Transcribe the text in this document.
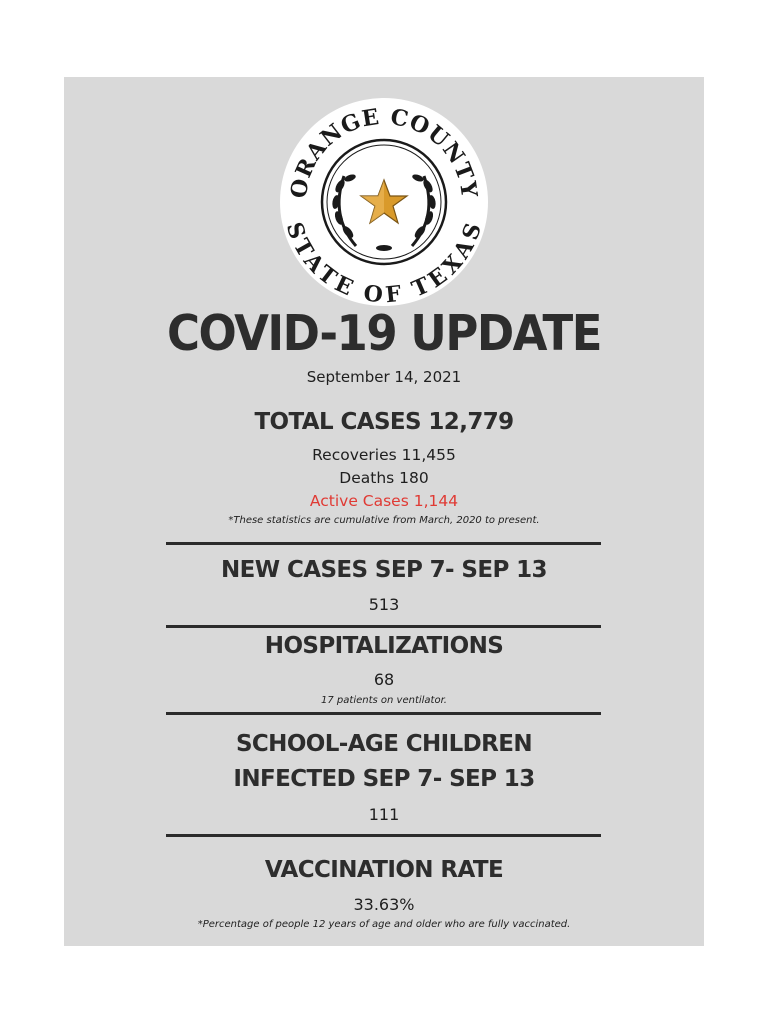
ORANGE COUNTY
STATE OF TEXAS
COVID-19 UPDATE
September 14, 2021
TOTAL CASES 12,779
Recoveries 11,455
Deaths 180
Active Cases 1,144
*These statistics are cumulative from March, 2020 to present.
NEW CASES SEP 7- SEP 13
513
HOSPITALIZATIONS
68
17 patients on ventilator.
SCHOOL-AGE CHILDREN
INFECTED SEP 7- SEP 13
111
VACCINATION RATE
33.63%
*Percentage of people 12 years of age and older who are fully vaccinated.
